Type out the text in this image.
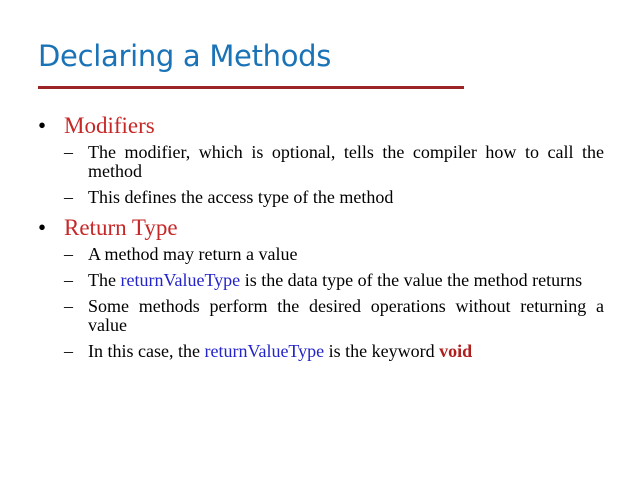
Declaring a Methods
• Modifiers
– The modifier, which is optional, tells the compiler how to call the method
– This defines the access type of the method
• Return Type
– A method may return a value
– The returnValueType is the data type of the value the method returns
– Some methods perform the desired operations without returning a value
– In this case, the returnValueType is the keyword void
